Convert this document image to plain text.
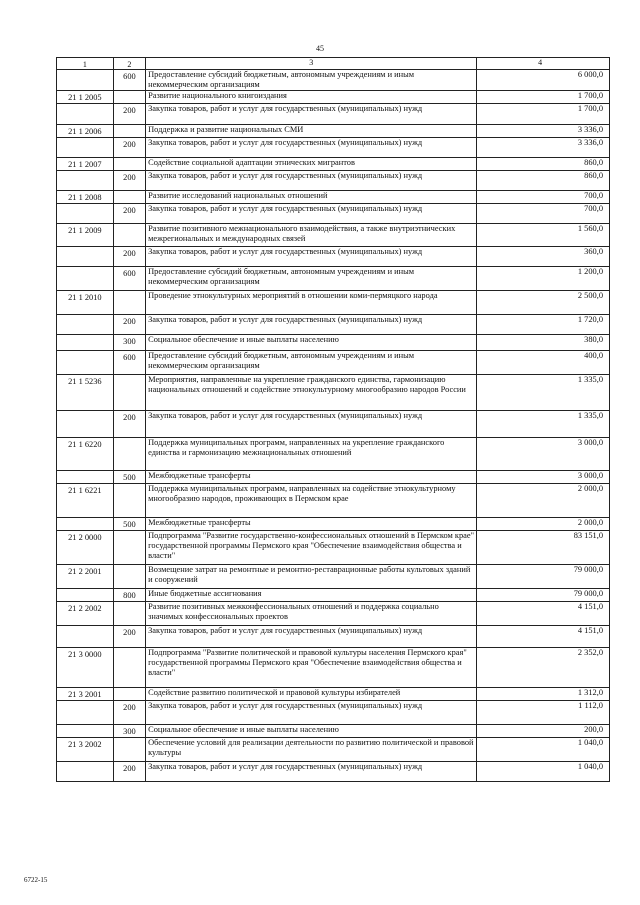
45
1	2	3	4
	600	Предоставление субсидий бюджетным, автономным учреждениям и иным некоммерческим организациям	6 000,0
21 1 2005		Развитие национального книгоиздания	1 700,0
	200	Закупка товаров, работ и услуг для государственных (муниципальных) нужд	1 700,0
21 1 2006		Поддержка и развитие национальных СМИ	3 336,0
	200	Закупка товаров, работ и услуг для государственных (муниципальных) нужд	3 336,0
21 1 2007		Содействие социальной адаптации этнических мигрантов	860,0
	200	Закупка товаров, работ и услуг для государственных (муниципальных) нужд	860,0
21 1 2008		Развитие исследований национальных отношений	700,0
	200	Закупка товаров, работ и услуг для государственных (муниципальных) нужд	700,0
21 1 2009		Развитие позитивного межнационального взаимодействия, а также внутриэтнических межрегиональных и международных связей	1 560,0
	200	Закупка товаров, работ и услуг для государственных (муниципальных) нужд	360,0
	600	Предоставление субсидий бюджетным, автономным учреждениям и иным некоммерческим организациям	1 200,0
21 1 2010		Проведение этнокультурных мероприятий в отношении коми-пермяцкого народа	2 500,0
	200	Закупка товаров, работ и услуг для государственных (муниципальных) нужд	1 720,0
	300	Социальное обеспечение и иные выплаты населению	380,0
	600	Предоставление субсидий бюджетным, автономным учреждениям и иным некоммерческим организациям	400,0
21 1 5236		Мероприятия, направленные на укрепление гражданского единства, гармонизацию национальных отношений и содействие этнокультурному многообразию народов России	1 335,0
	200	Закупка товаров, работ и услуг для государственных (муниципальных) нужд	1 335,0
21 1 6220		Поддержка муниципальных программ, направленных на укрепление гражданского единства и гармонизацию межнациональных отношений	3 000,0
	500	Межбюджетные трансферты	3 000,0
21 1 6221		Поддержка муниципальных программ, направленных на содействие этнокультурному многообразию народов, проживающих в Пермском крае	2 000,0
	500	Межбюджетные трансферты	2 000,0
21 2 0000		Подпрограмма "Развитие государственно-конфессиональных отношений в Пермском крае" государственной программы Пермского края "Обеспечение взаимодействия общества и власти"	83 151,0
21 2 2001		Возмещение затрат на ремонтные и ремонтно-реставрационные работы культовых зданий и сооружений	79 000,0
	800	Иные бюджетные ассигнования	79 000,0
21 2 2002		Развитие позитивных межконфессиональных отношений и поддержка социально значимых конфессиональных проектов	4 151,0
	200	Закупка товаров, работ и услуг для государственных (муниципальных) нужд	4 151,0
21 3 0000		Подпрограмма "Развитие политической и правовой культуры населения Пермского края" государственной программы Пермского края "Обеспечение взаимодействия общества и власти"	2 352,0
21 3 2001		Содействие развитию политической и правовой культуры избирателей	1 312,0
	200	Закупка товаров, работ и услуг для государственных (муниципальных) нужд	1 112,0
	300	Социальное обеспечение и иные выплаты населению	200,0
21 3 2002		Обеспечение условий для реализации деятельности по развитию политической и правовой культуры	1 040,0
	200	Закупка товаров, работ и услуг для государственных (муниципальных) нужд	1 040,0
6722-15
